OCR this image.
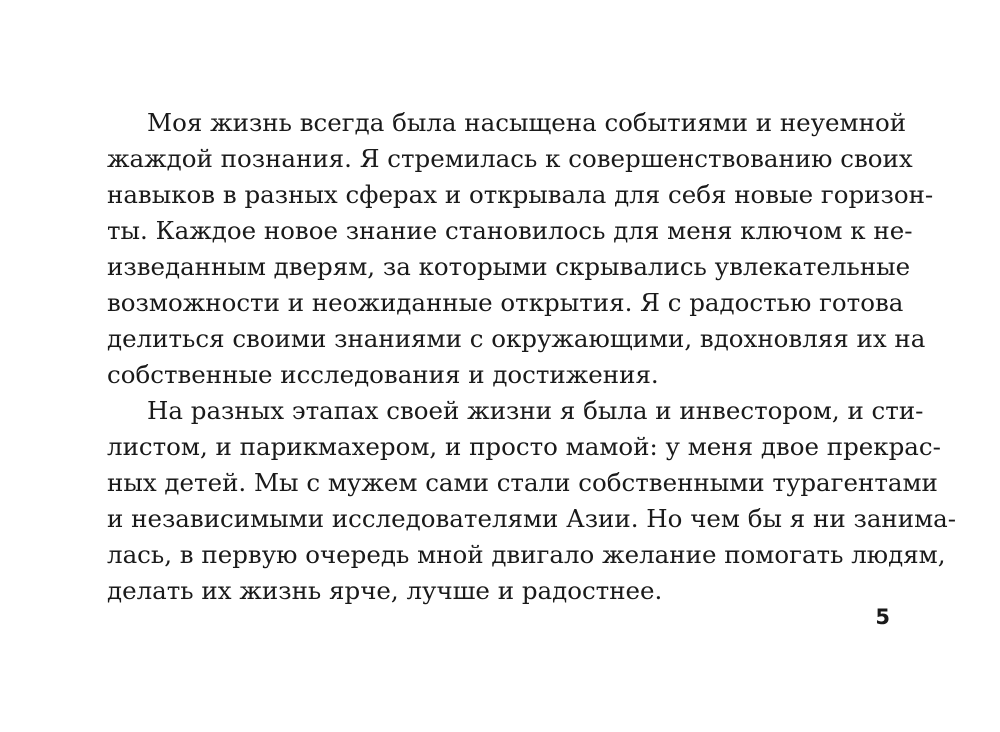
Моя жизнь всегда была насыщена событиями и неуемной
жаждой познания. Я стремилась к совершенствованию своих
навыков в разных сферах и открывала для себя новые горизон-
ты. Каждое новое знание становилось для меня ключом к не-
изведанным дверям, за которыми скрывались увлекательные
возможности и неожиданные открытия. Я с радостью готова
делиться своими знаниями с окружающими, вдохновляя их на
собственные исследования и достижения.
На разных этапах своей жизни я была и инвестором, и сти-
листом, и парикмахером, и просто мамой: у меня двое прекрас-
ных детей. Мы с мужем сами стали собственными турагентами
и независимыми исследователями Азии. Но чем бы я ни занима-
лась, в первую очередь мной двигало желание помогать людям,
делать их жизнь ярче, лучше и радостнее.
5
